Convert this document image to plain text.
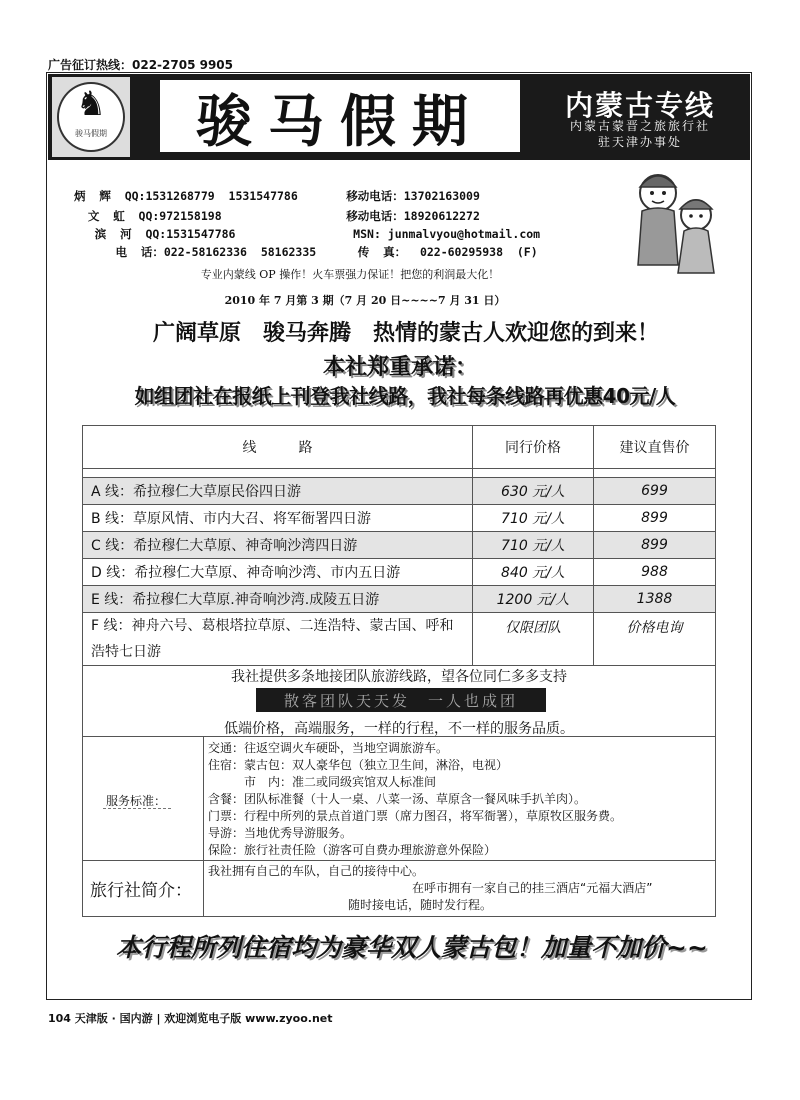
广告征订热线：022-2705 9905
♞
骏马假期	骏马假期	内蒙古专线
内蒙古蒙晋之旅旅行社
驻天津办事处
炳  辉  QQ:1531268779  1531547786       移动电话：13702163009
文  虹  QQ:972158198                  移动电话：18920612272
滨  河  QQ:1531547786                 MSN: junmalvyou@hotmail.com
电  话：022-58162336  58162335      传  真：  022-60295938  (F)
专业内蒙线 OP 操作！火车票强力保证！把您的利润最大化！
2010 年 7 月第 3 期（7 月 20 日~~~~7 月 31 日）
广阔草原　骏马奔腾　热情的蒙古人欢迎您的到来！
本社郑重承诺：
如组团社在报纸上刊登我社线路，我社每条线路再优惠40元/人
线　　　路	同行价格	建议直售价

A 线：希拉穆仁大草原民俗四日游	630 元/人	699
B 线：草原风情、市内大召、将军衙署四日游	710 元/人	899
C 线：希拉穆仁大草原、神奇响沙湾四日游	710 元/人	899
D 线：希拉穆仁大草原、神奇响沙湾、市内五日游	840 元/人	988
E 线：希拉穆仁大草原.神奇响沙湾.成陵五日游	1200 元/人	1388
F 线：神舟六号、葛根塔拉草原、二连浩特、蒙古国、呼和浩特七日游	仅限团队	价格电询
我社提供多条地接团队旅游线路，望各位同仁多多支持
散客团队天天发　一人也成团
低端价格，高端服务，一样的行程，不一样的服务品质。
服务标准：
交通：往返空调火车硬卧，当地空调旅游车。
住宿：蒙古包：双人豪华包（独立卫生间，淋浴，电视）
　　　市　内：准二或同级宾馆双人标准间
含餐：团队标准餐（十人一桌、八菜一汤、草原含一餐风味手扒羊肉）。
门票：行程中所列的景点首道门票（席力图召，将军衙署），草原牧区服务费。
导游：当地优秀导游服务。
保险：旅行社责任险（游客可自费办理旅游意外保险）
旅行社简介：
我社拥有自己的车队，自己的接待中心。
在呼市拥有一家自己的挂三酒店“元福大酒店”
随时接电话，随时发行程。
本行程所列住宿均为豪华双人蒙古包！加量不加价~~
104 天津版 · 国内游 | 欢迎浏览电子版 www.zyoo.net
